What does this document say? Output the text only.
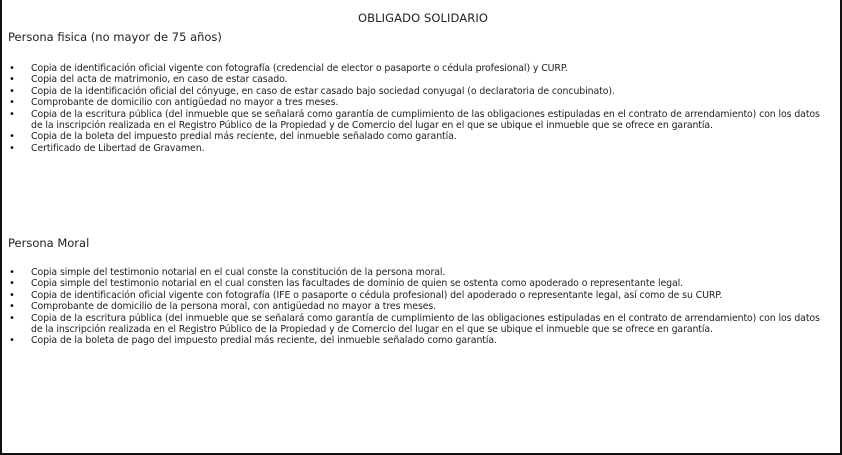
OBLIGADO SOLIDARIO
Persona fisica (no mayor de 75 años)
• Copia de identificación oficial vigente con fotografía (credencial de elector o pasaporte o cédula profesional) y CURP.
• Copia del acta de matrimonio, en caso de estar casado.
• Copia de la identificación oficial del cónyuge, en caso de estar casado bajo sociedad conyugal (o declaratoria de concubinato).
• Comprobante de domicilio con antigüedad no mayor a tres meses.
• Copia de la escritura pública (del inmueble que se señalará como garantía de cumplimiento de las obligaciones estipuladas en el contrato de arrendamiento) con los datos de la inscripción realizada en el Registro Público de la Propiedad y de Comercio del lugar en el que se ubique el inmueble que se ofrece en garantía.
• Copia de la boleta del impuesto predial más reciente, del inmueble señalado como garantía.
• Certificado de Libertad de Gravamen.
Persona Moral
• Copia simple del testimonio notarial en el cual conste la constitución de la persona moral.
• Copia simple del testimonio notarial en el cual consten las facultades de dominio de quien se ostenta como apoderado o representante legal.
• Copia de identificación oficial vigente con fotografía (IFE o pasaporte o cédula profesional) del apoderado o representante legal, así como de su CURP.
• Comprobante de domicilio de la persona moral, con antigüedad no mayor a tres meses.
• Copia de la escritura pública (del inmueble que se señalará como garantía de cumplimiento de las obligaciones estipuladas en el contrato de arrendamiento) con los datos de la inscripción realizada en el Registro Público de la Propiedad y de Comercio del lugar en el que se ubique el inmueble que se ofrece en garantía.
• Copia de la boleta de pago del impuesto predial más reciente, del inmueble señalado como garantía.
